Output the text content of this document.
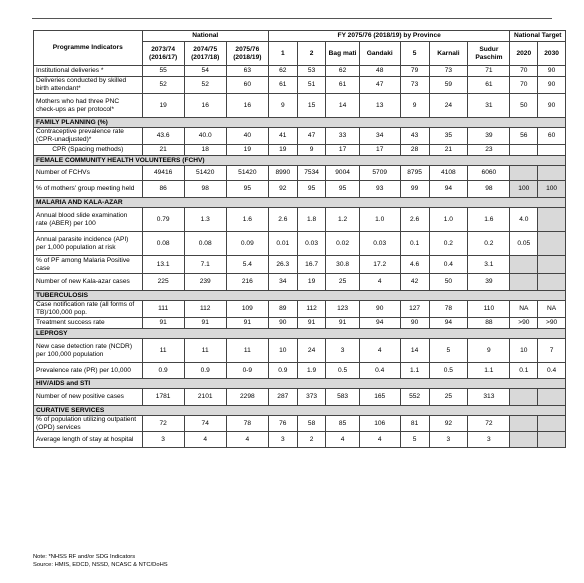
Programme Indicators	National			FY 2075/76 (2018/19) by Province							National Target	
	2073/74 (2016/17)	2074/75 (2017/18)	2075/76 (2018/19)	1	2	Bag mati	Gandaki	5	Karnali	Sudur Paschim	2020	2030
Institutional deliveries *	55	54	63	62	53	62	48	79	73	71	70	90
Deliveries conducted by skilled birth attendant*	52	52	60	61	51	61	47	73	59	61	70	90
Mothers who had three PNC check-ups as per protocol*	19	16	16	9	15	14	13	9	24	31	50	90
FAMILY PLANNING (%)												
Contraceptive prevalence rate (CPR-unadjusted)*	43.6	40.0	40	41	47	33	34	43	35	39	56	60
CPR (Spacing methods)	21	18	19	19	9	17	17	28	21	23		
FEMALE COMMUNITY HEALTH VOLUNTEERS (FCHV)												
Number of FCHVs	49416	51420	51420	8990	7534	9004	5709	8795	4108	6060		
% of mothers' group meeting held	86	98	95	92	95	95	93	99	94	98	100	100
MALARIA AND KALA-AZAR												
Annual blood slide examination rate (ABER) per 100	0.79	1.3	1.6	2.6	1.8	1.2	1.0	2.6	1.0	1.6	4.0	
Annual parasite incidence (API) per 1,000 population at risk	0.08	0.08	0.09	0.01	0.03	0.02	0.03	0.1	0.2	0.2	0.05	
% of PF among Malaria Positive case	13.1	7.1	5.4	26.3	16.7	30.8	17.2	4.6	0.4	3.1		
Number of new Kala-azar cases	225	239	216	34	19	25	4	42	50	39		
TUBERCULOSIS												
Case notification rate (all forms of TB)/100,000 pop.	111	112	109	89	112	123	90	127	78	110	NA	NA
Treatment success rate	91	91	91	90	91	91	94	90	94	88	>90	>90
LEPROSY												
New case detection rate (NCDR) per 100,000 population	11	11	11	10	24	3	4	14	5	9	10	7
Prevalence rate (PR) per 10,000	0.9	0.9	0-9	0.9	1.9	0.5	0.4	1.1	0.5	1.1	0.1	0.4
HIV/AIDS and STI												
Number of new positive cases	1781	2101	2298	287	373	583	165	552	25	313		
CURATIVE SERVICES												
% of population utilizing outpatient (OPD) services	72	74	78	76	58	85	106	81	92	72		
Average length of stay at hospital	3	4	4	3	2	4	4	5	3	3		
Note: *NHSS RF and/or SDG Indicators
Source: HMIS, EDCD, NSSD, NCASC & NTC/DoHS
